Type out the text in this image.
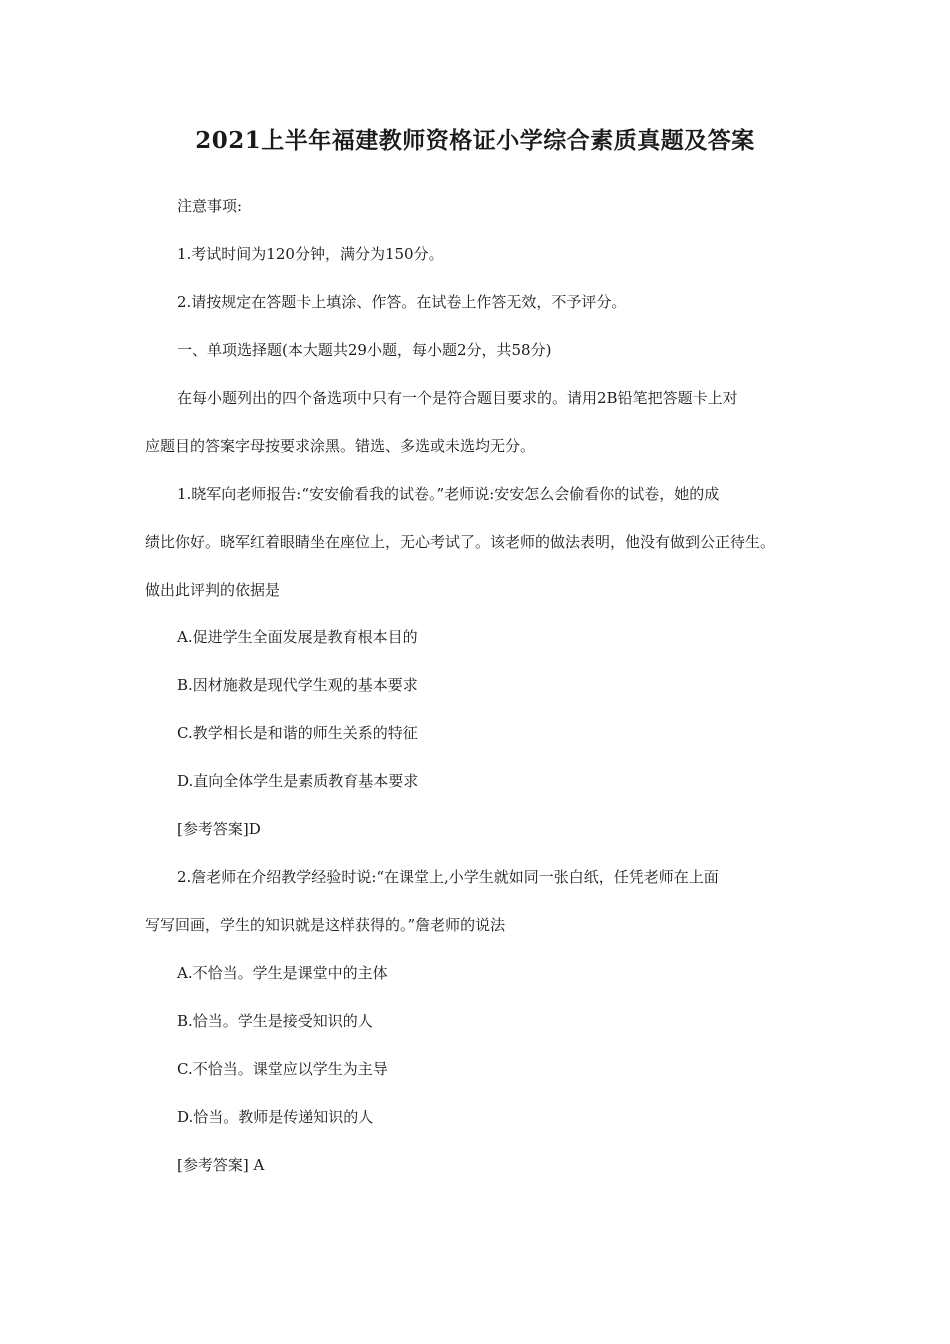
2021上半年福建教师资格证小学综合素质真题及答案
注意事项:
1.考试时间为120分钟，满分为150分。
2.请按规定在答题卡上填涂、作答。在试卷上作答无效，不予评分。
一、单项选择题(本大题共29小题，每小题2分，共58分)
在每小题列出的四个备选项中只有一个是符合题目要求的。请用2B铅笔把答题卡上对
应题目的答案字母按要求涂黑。错选、多选或未选均无分。
1.晓军向老师报告:“安安偷看我的试卷。”老师说:安安怎么会偷看你的试卷，她的成
绩比你好。晓军红着眼睛坐在座位上，无心考试了。该老师的做法表明，他没有做到公正待生。
做出此评判的依据是
A.促进学生全面发展是教育根本目的
B.因材施救是现代学生观的基本要求
C.教学相长是和谐的师生关系的特征
D.直向全体学生是素质教育基本要求
[参考答案]D
2.詹老师在介绍教学经验时说:“在课堂上,小学生就如同一张白纸，任凭老师在上面
写写回画，学生的知识就是这样获得的。”詹老师的说法
A.不恰当。学生是课堂中的主体
B.恰当。学生是接受知识的人
C.不恰当。课堂应以学生为主导
D.恰当。教师是传递知识的人
[参考答案] A
